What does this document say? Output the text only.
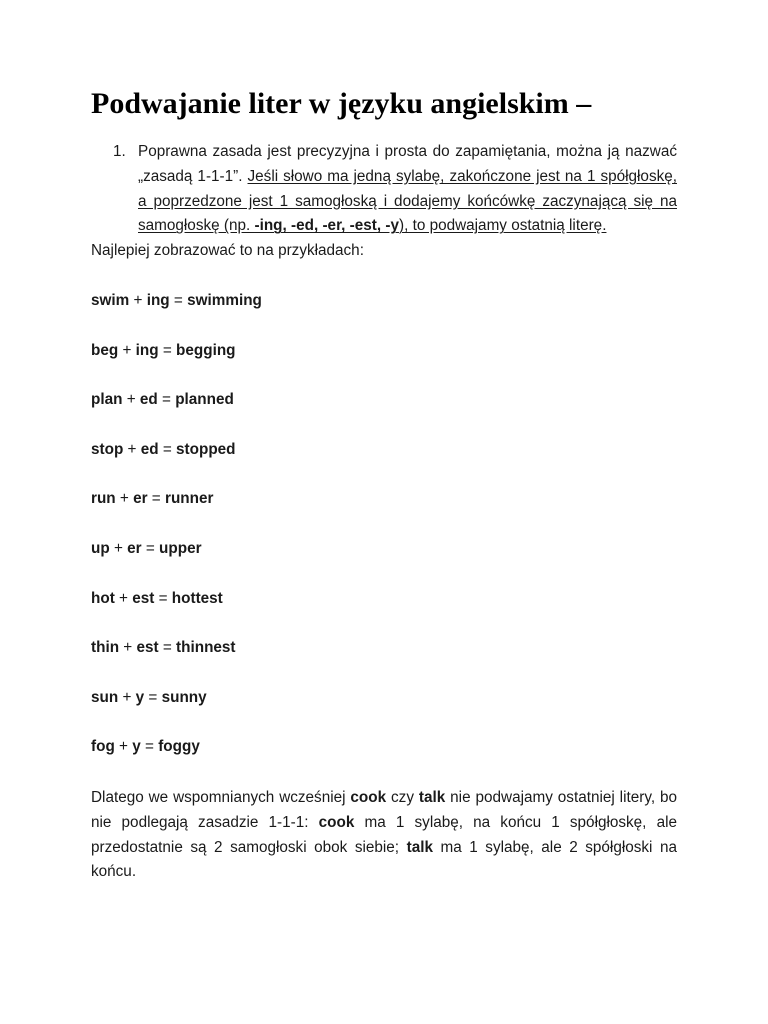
Podwajanie liter w języku angielskim –
1. Poprawna zasada jest precyzyjna i prosta do zapamiętania, można ją nazwać „zasadą 1-1-1”. Jeśli słowo ma jedną sylabę, zakończone jest na 1 spółgłoskę, a poprzedzone jest 1 samogłoską i dodajemy końcówkę zaczynającą się na samogłoskę (np. -ing, -ed, -er, -est, -y), to podwajamy ostatnią literę.
Najlepiej zobrazować to na przykładach:
swim + ing = swimming
beg + ing = begging
plan + ed = planned
stop + ed = stopped
run + er = runner
up + er = upper
hot + est = hottest
thin + est = thinnest
sun + y = sunny
fog + y = foggy
Dlatego we wspomnianych wcześniej cook czy talk nie podwajamy ostatniej litery, bo nie podlegają zasadzie 1-1-1: cook ma 1 sylabę, na końcu 1 spółgłoskę, ale przedostatnie są 2 samogłoski obok siebie; talk ma 1 sylabę, ale 2 spółgłoski na końcu.
